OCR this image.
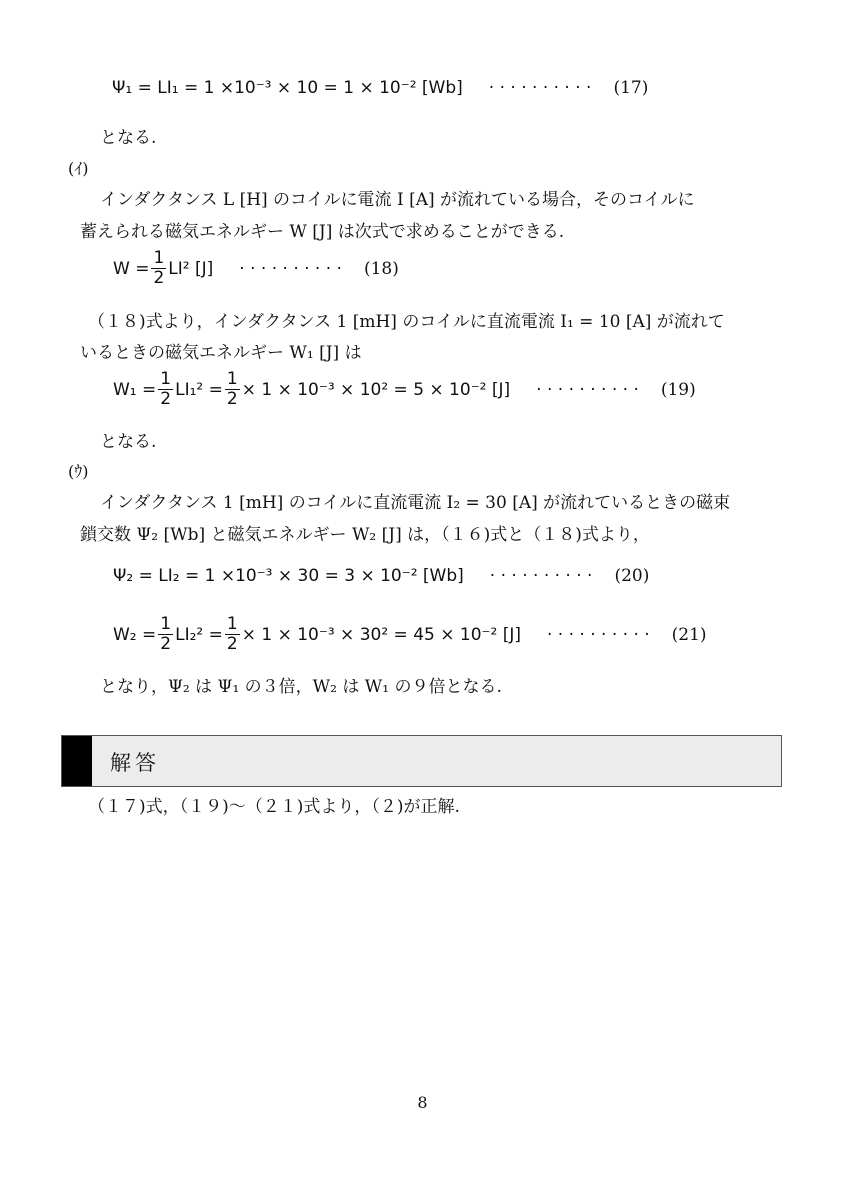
Ψ₁ = LI₁ = 1 ×10⁻³ × 10 = 1 × 10⁻² [Wb] · · · · · · · · · · (17)
となる.
(ｲ)
インダクタンス L [H] のコイルに電流 I [A] が流れている場合，そのコイルに
蓄えられる磁気エネルギー W [J] は次式で求めることができる.
$W = \frac{1}{2} LI^2$ [J] · · · · · · · · · · (18)
（１８)式より，インダクタンス 1 [mH] のコイルに直流電流 I₁ = 10 [A] が流れて
いるときの磁気エネルギー W₁ [J] は
$W_1 = \frac{1}{2} LI_1^2 = \frac{1}{2} \times 1 \times 10^{-3} \times 10^2 = 5 \times 10^{-2}$ [J] · · · · · · · · · · (19)
となる.
(ｳ)
インダクタンス 1 [mH] のコイルに直流電流 I₂ = 30 [A] が流れているときの磁束
鎖交数 Ψ₂ [Wb] と磁気エネルギー W₂ [J] は，（１６)式と（１８)式より，
Ψ₂ = LI₂ = 1 ×10⁻³ × 30 = 3 × 10⁻² [Wb] · · · · · · · · · · (20)
$W_2 = \frac{1}{2} LI_2^2 = \frac{1}{2} \times 1 \times 10^{-3} \times 30^2 = 45 \times 10^{-2}$ [J] · · · · · · · · · · (21)
となり，Ψ₂ は Ψ₁ の３倍，W₂ は W₁ の９倍となる.
解答
（１７)式，（１９)～（２１)式より，（２)が正解.
8
